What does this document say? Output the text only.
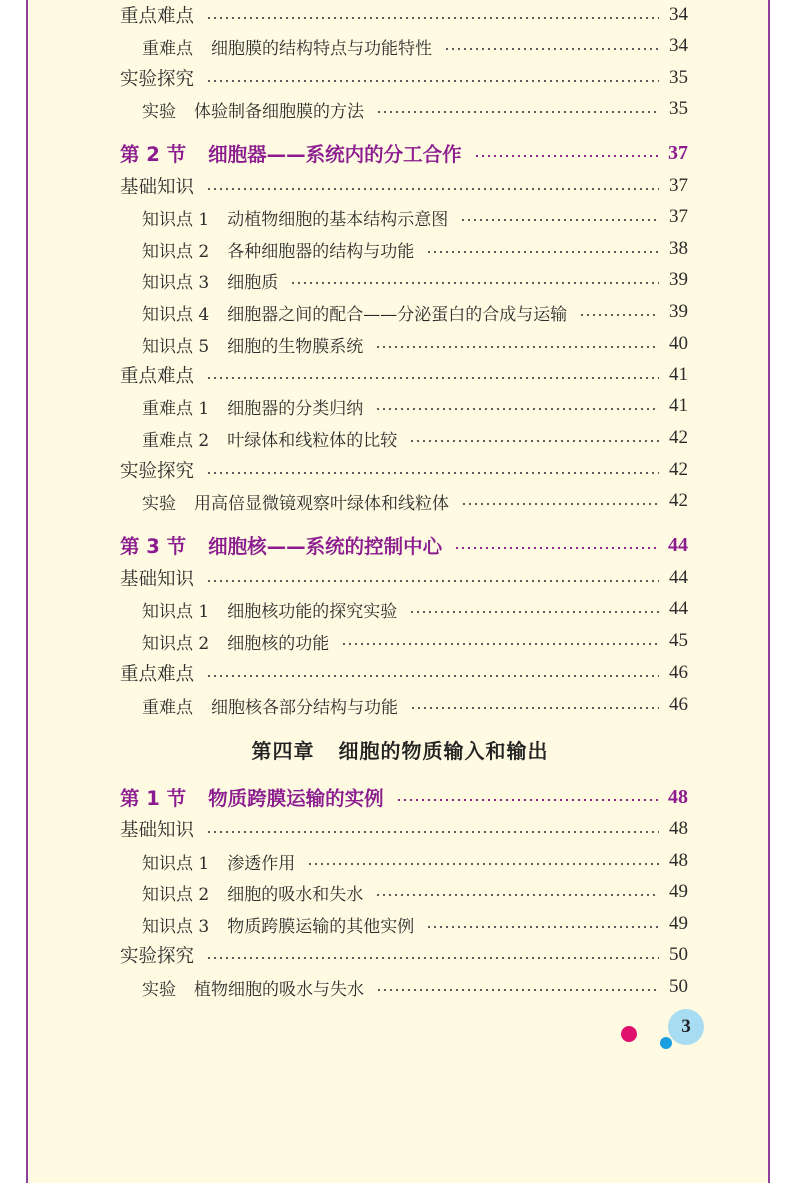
重点难点	34
重难点 细胞膜的结构特点与功能特性	34
实验探究	35
实验 体验制备细胞膜的方法	35
第 2 节 细胞器——系统内的分工合作	37
基础知识	37
知识点 1 动植物细胞的基本结构示意图	37
知识点 2 各种细胞器的结构与功能	38
知识点 3 细胞质	39
知识点 4 细胞器之间的配合——分泌蛋白的合成与运输	39
知识点 5 细胞的生物膜系统	40
重点难点	41
重难点 1 细胞器的分类归纳	41
重难点 2 叶绿体和线粒体的比较	42
实验探究	42
实验 用高倍显微镜观察叶绿体和线粒体	42
第 3 节 细胞核——系统的控制中心	44
基础知识	44
知识点 1 细胞核功能的探究实验	44
知识点 2 细胞核的功能	45
重点难点	46
重难点 细胞核各部分结构与功能	46
第 1 节 物质跨膜运输的实例	48
基础知识	48
知识点 1 渗透作用	48
知识点 2 细胞的吸水和失水	49
知识点 3 物质跨膜运输的其他实例	49
实验探究	50
实验 植物细胞的吸水与失水	50
第四章 细胞的物质输入和输出
3
